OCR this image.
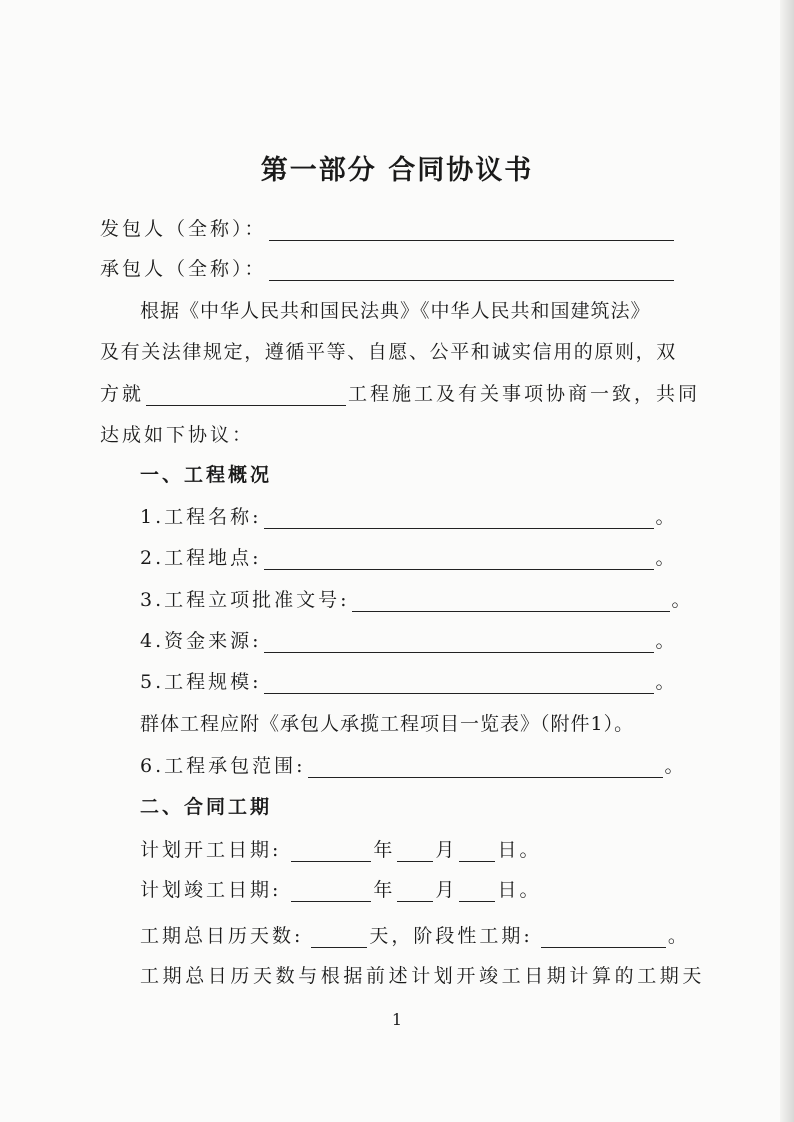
第一部分 合同协议书
发包人（全称）：
承包人（全称）：
根据《中华人民共和国民法典》《中华人民共和国建筑法》
及有关法律规定，遵循平等、自愿、公平和诚实信用的原则，双
方就	工程施工及有关事项协商一致，共同
达成如下协议：
一、工程概况
1.工程名称:	。
2.工程地点:	。
3.工程立项批准文号:	。
4.资金来源:	。
5.工程规模:	。
群体工程应附《承包人承揽工程项目一览表》（附件1）。
6.工程承包范围:	。
二、合同工期
计划开工日期:	年 月 日。
计划竣工日期:	年 月 日。
工期总日历天数:	天，阶段性工期:	。
工期总日历天数与根据前述计划开竣工日期计算的工期天
1
